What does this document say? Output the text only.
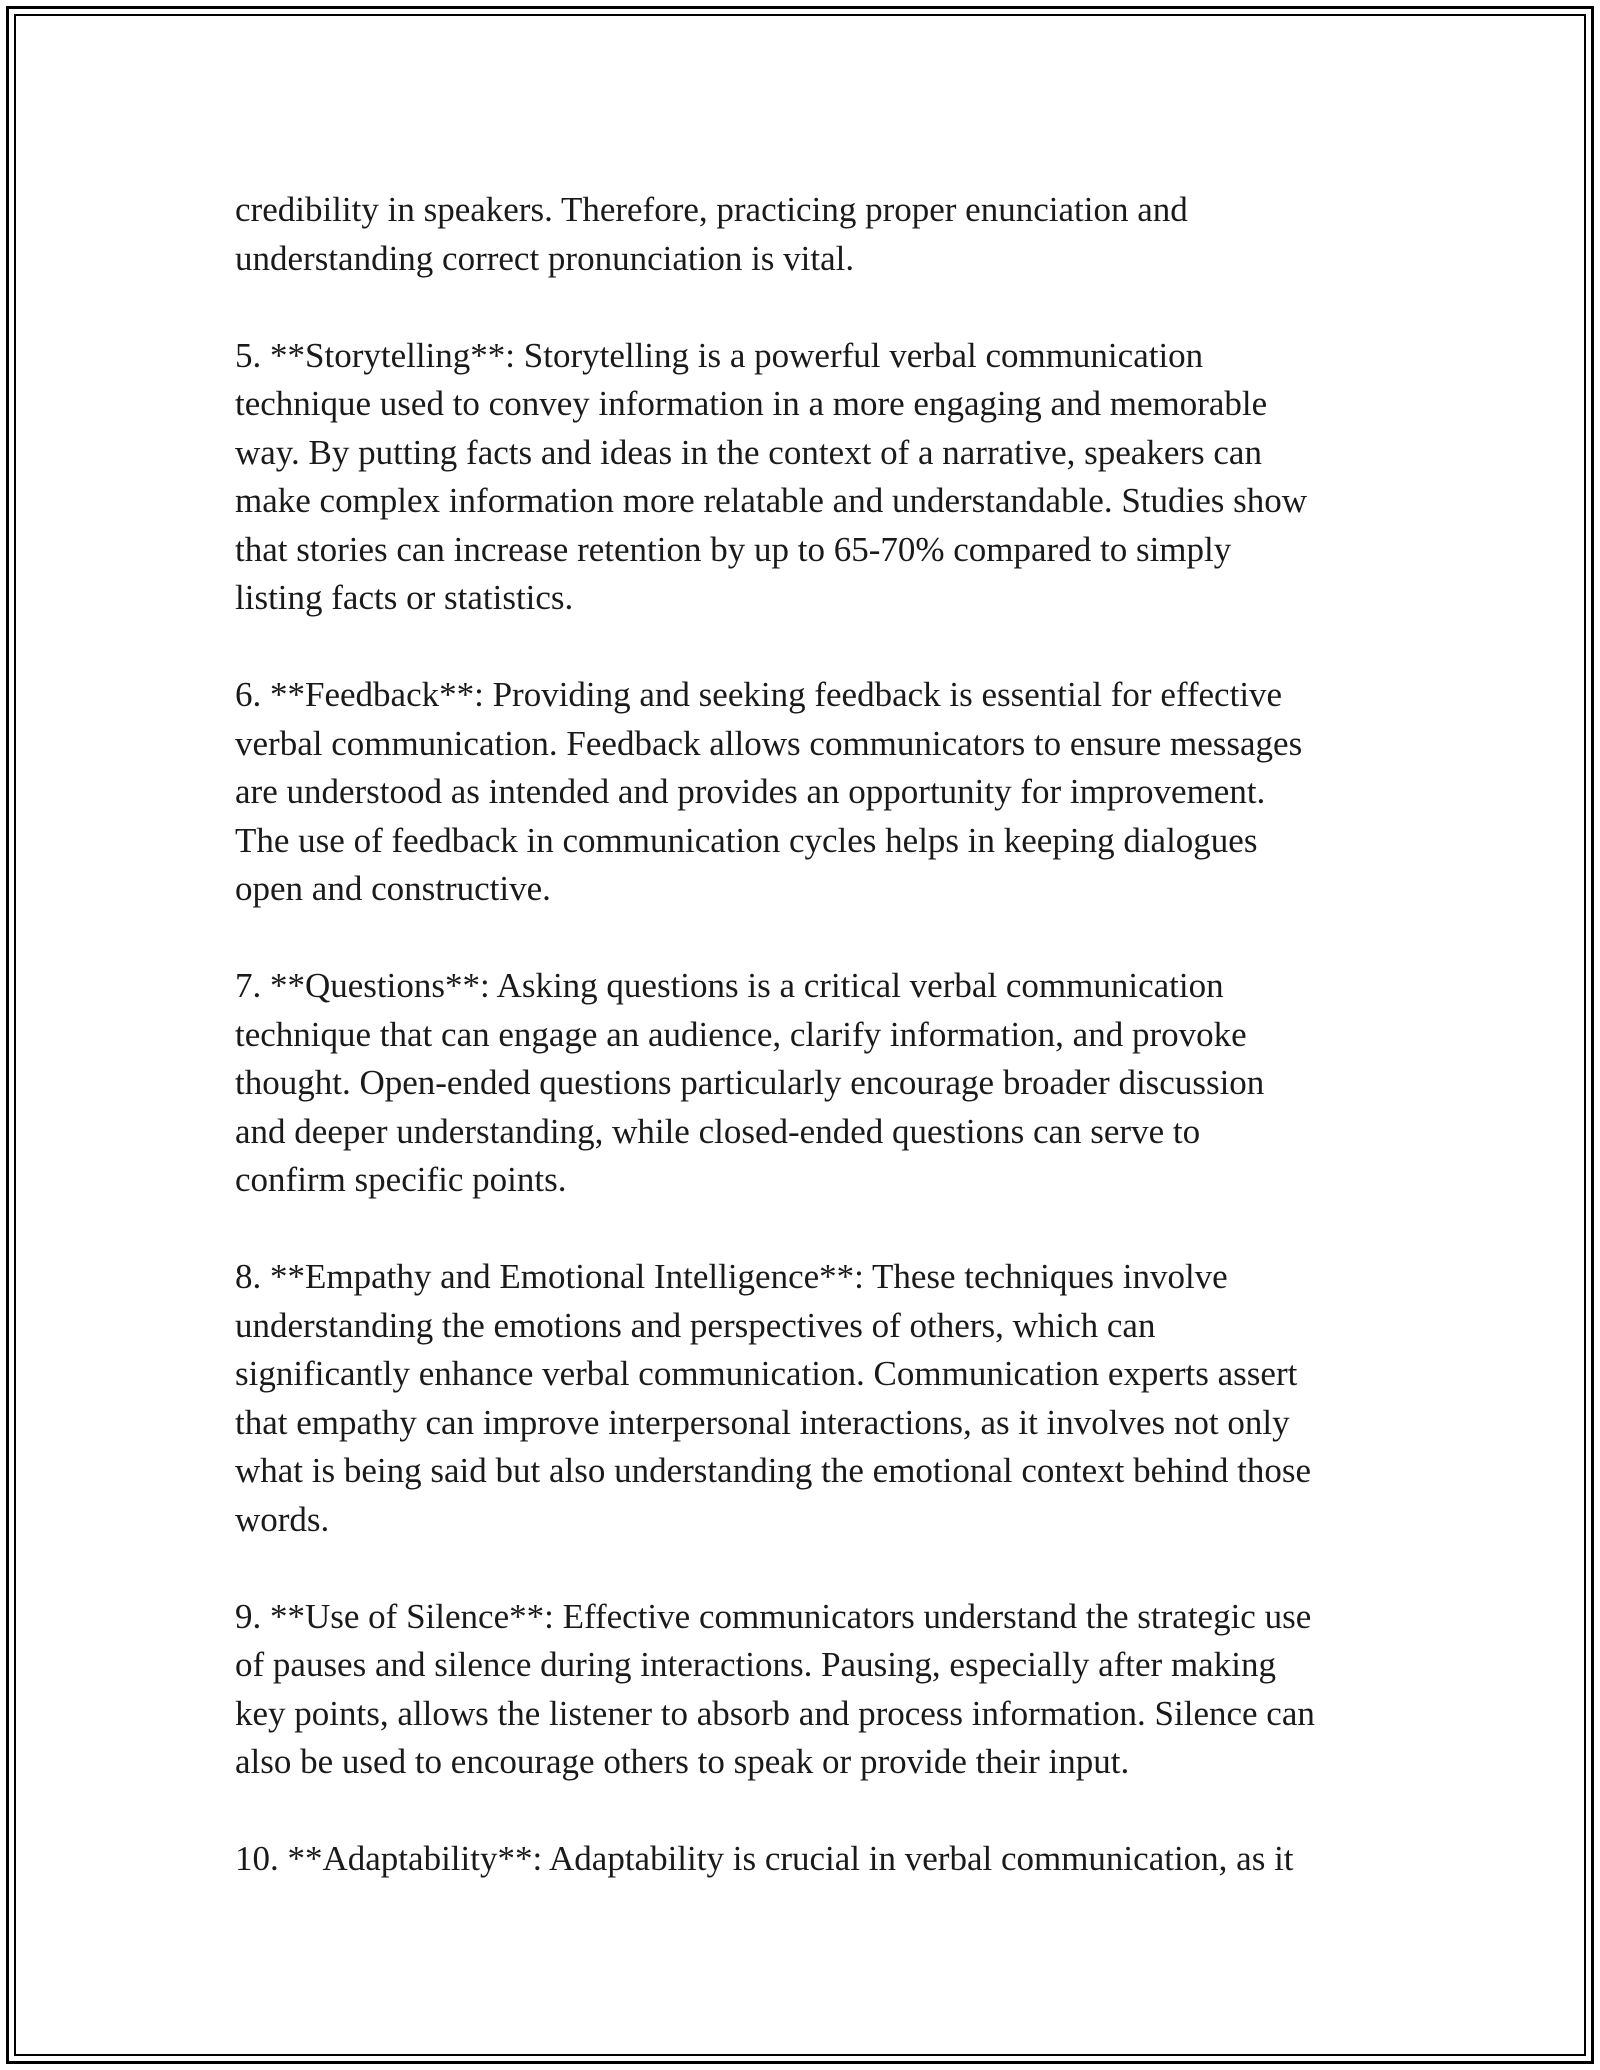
credibility in speakers. Therefore, practicing proper enunciation and
understanding correct pronunciation is vital.

5. **Storytelling**: Storytelling is a powerful verbal communication
technique used to convey information in a more engaging and memorable
way. By putting facts and ideas in the context of a narrative, speakers can
make complex information more relatable and understandable. Studies show
that stories can increase retention by up to 65-70% compared to simply
listing facts or statistics.

6. **Feedback**: Providing and seeking feedback is essential for effective
verbal communication. Feedback allows communicators to ensure messages
are understood as intended and provides an opportunity for improvement.
The use of feedback in communication cycles helps in keeping dialogues
open and constructive.

7. **Questions**: Asking questions is a critical verbal communication
technique that can engage an audience, clarify information, and provoke
thought. Open-ended questions particularly encourage broader discussion
and deeper understanding, while closed-ended questions can serve to
confirm specific points.

8. **Empathy and Emotional Intelligence**: These techniques involve
understanding the emotions and perspectives of others, which can
significantly enhance verbal communication. Communication experts assert
that empathy can improve interpersonal interactions, as it involves not only
what is being said but also understanding the emotional context behind those
words.

9. **Use of Silence**: Effective communicators understand the strategic use
of pauses and silence during interactions. Pausing, especially after making
key points, allows the listener to absorb and process information. Silence can
also be used to encourage others to speak or provide their input.

10. **Adaptability**: Adaptability is crucial in verbal communication, as it
